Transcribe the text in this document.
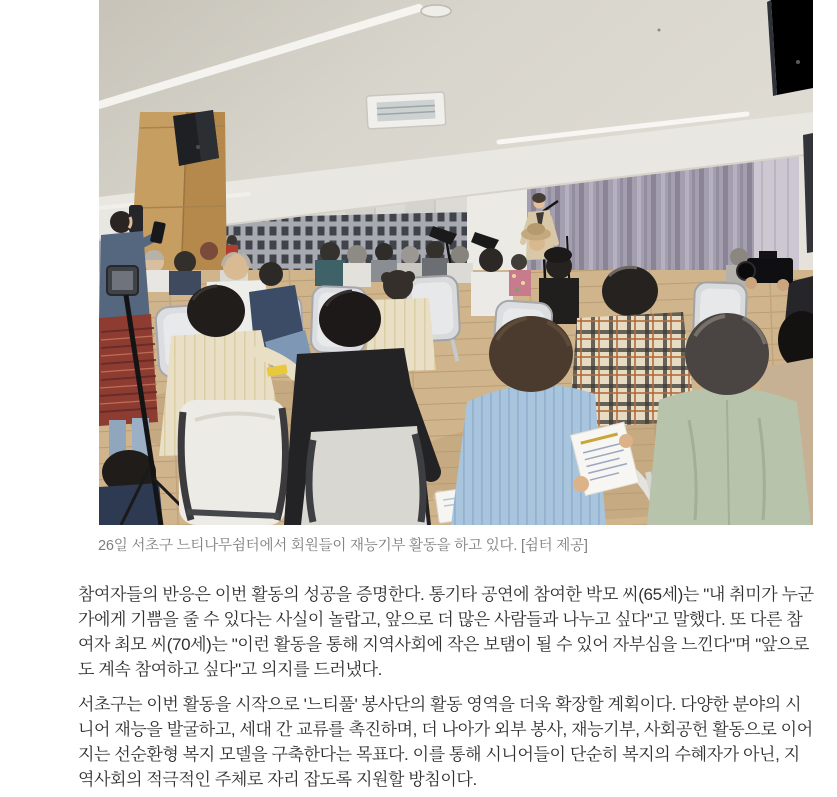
26일 서초구 느티나무쉼터에서 회원들이 재능기부 활동을 하고 있다. [쉼터 제공]

참여자들의 반응은 이번 활동의 성공을 증명한다. 통기타 공연에 참여한 박모 씨(65세)는 "내 취미가 누군가에게 기쁨을 줄 수 있다는 사실이 놀랍고, 앞으로 더 많은 사람들과 나누고 싶다"고 말했다. 또 다른 참여자 최모 씨(70세)는 "이런 활동을 통해 지역사회에 작은 보탬이 될 수 있어 자부심을 느낀다"며 "앞으로도 계속 참여하고 싶다"고 의지를 드러냈다.

서초구는 이번 활동을 시작으로 '느티풀' 봉사단의 활동 영역을 더욱 확장할 계획이다. 다양한 분야의 시니어 재능을 발굴하고, 세대 간 교류를 촉진하며, 더 나아가 외부 봉사, 재능기부, 사회공헌 활동으로 이어지는 선순환형 복지 모델을 구축한다는 목표다. 이를 통해 시니어들이 단순히 복지의 수혜자가 아닌, 지역사회의 적극적인 주체로 자리 잡도록 지원할 방침이다.
